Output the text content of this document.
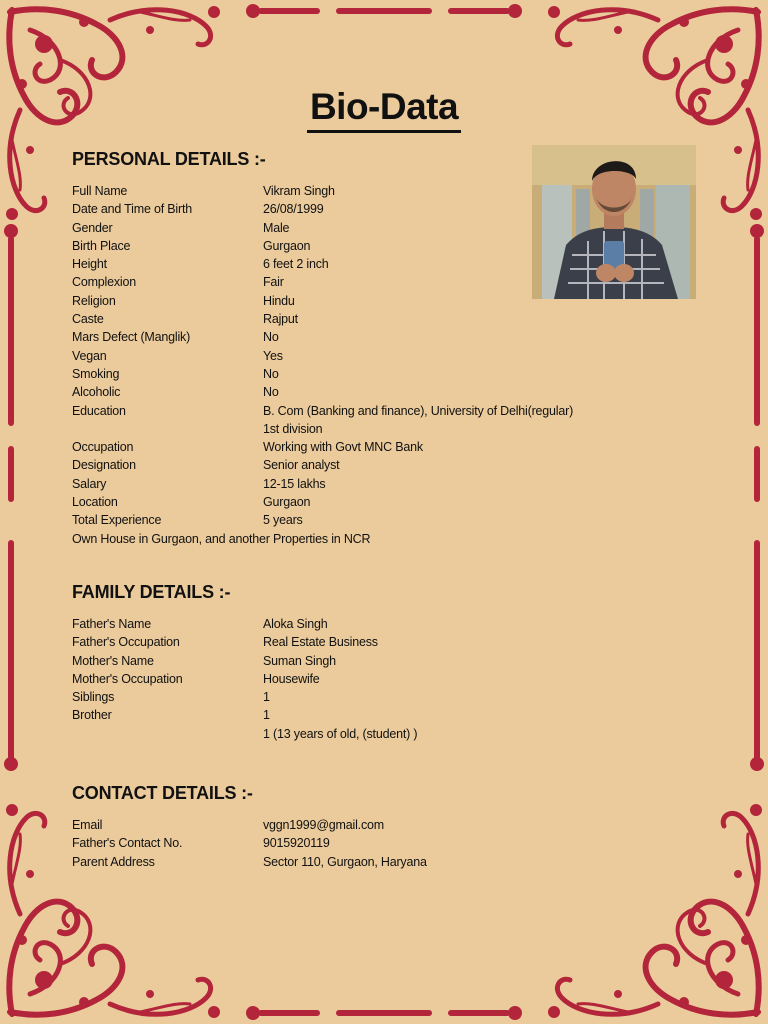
Bio-Data
PERSONAL DETAILS :-
Full Name	Vikram Singh
Date and Time of Birth	26/08/1999
Gender	Male
Birth Place	Gurgaon
Height	6 feet 2 inch
Complexion	Fair
Religion	Hindu
Caste	Rajput
Mars Defect (Manglik)	No
Vegan	Yes
Smoking	No
Alcoholic	No
Education	B. Com (Banking and finance), University of Delhi(regular)
1st division
Occupation	Working with Govt MNC Bank
Designation	Senior analyst
Salary	12-15 lakhs
Location	Gurgaon
Total Experience	5 years
Own House in Gurgaon, and another Properties in NCR
FAMILY DETAILS :-
Father's Name	Aloka Singh
Father's Occupation	Real Estate Business
Mother's Name	Suman Singh
Mother's Occupation	Housewife
Siblings	1
Brother	1
1 (13 years of old, (student) )
CONTACT DETAILS :-
Email	vggn1999@gmail.com
Father's Contact No.	9015920119
Parent Address	Sector 110, Gurgaon, Haryana
